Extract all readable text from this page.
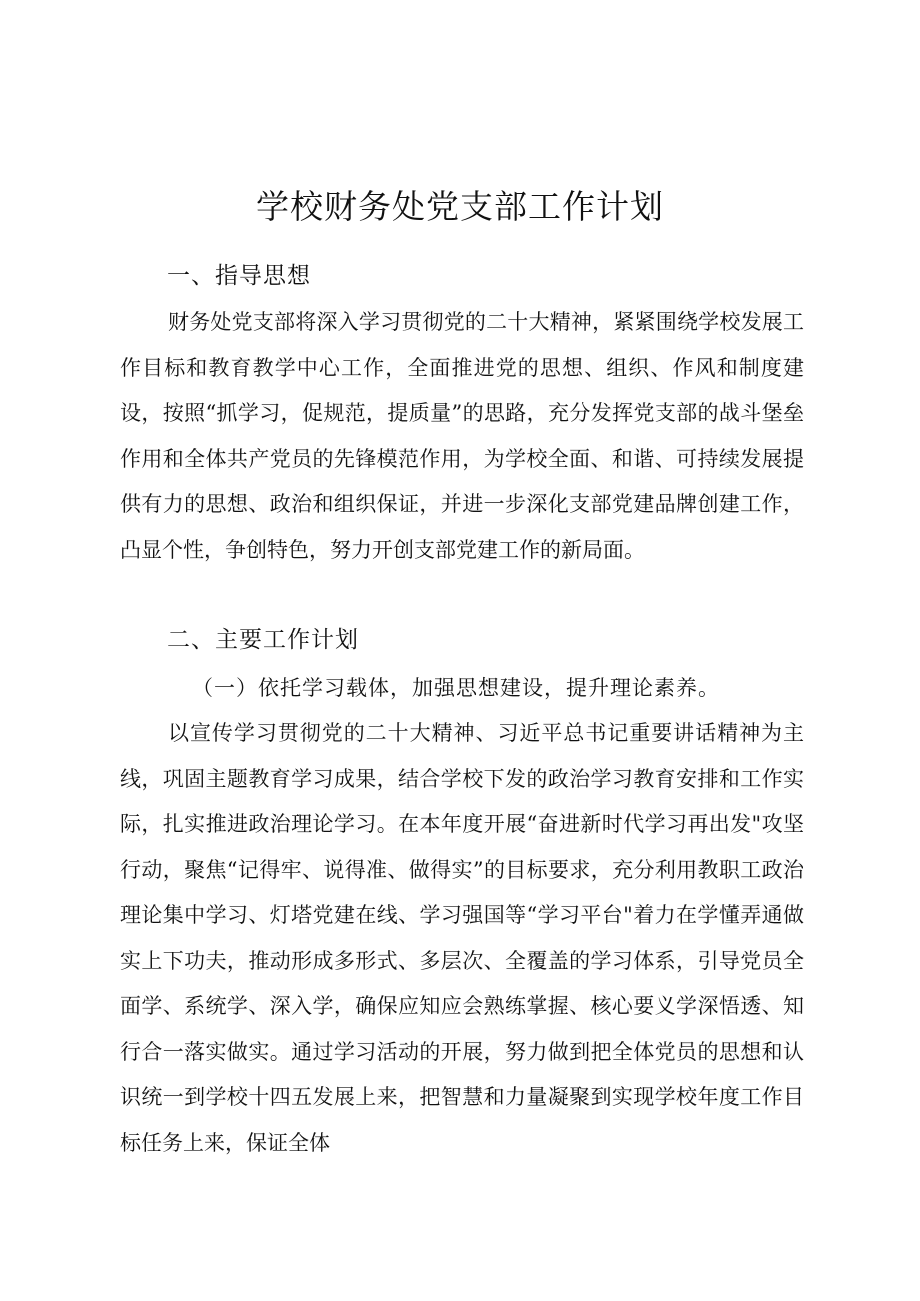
学校财务处党支部工作计划
一、指导思想

财务处党支部将深入学习贯彻党的二十大精神，紧紧围绕学校发展工作目标和教育教学中心工作，全面推进党的思想、组织、作风和制度建设，按照“抓学习，促规范，提质量”的思路，充分发挥党支部的战斗堡垒作用和全体共产党员的先锋模范作用，为学校全面、和谐、可持续发展提供有力的思想、政治和组织保证，并进一步深化支部党建品牌创建工作，凸显个性，争创特色，努力开创支部党建工作的新局面。

二、主要工作计划
（一）依托学习载体，加强思想建设，提升理论素养。

以宣传学习贯彻党的二十大精神、习近平总书记重要讲话精神为主线，巩固主题教育学习成果，结合学校下发的政治学习教育安排和工作实际，扎实推进政治理论学习。在本年度开展“奋进新时代学习再出发"攻坚行动，聚焦“记得牢、说得准、做得实”的目标要求，充分利用教职工政治理论集中学习、灯塔党建在线、学习强国等“学习平台"着力在学懂弄通做实上下功夫，推动形成多形式、多层次、全覆盖的学习体系，引导党员全面学、系统学、深入学，确保应知应会熟练掌握、核心要义学深悟透、知行合一落实做实。通过学习活动的开展，努力做到把全体党员的思想和认识统一到学校十四五发展上来，把智慧和力量凝聚到实现学校年度工作目标任务上来，保证全体
